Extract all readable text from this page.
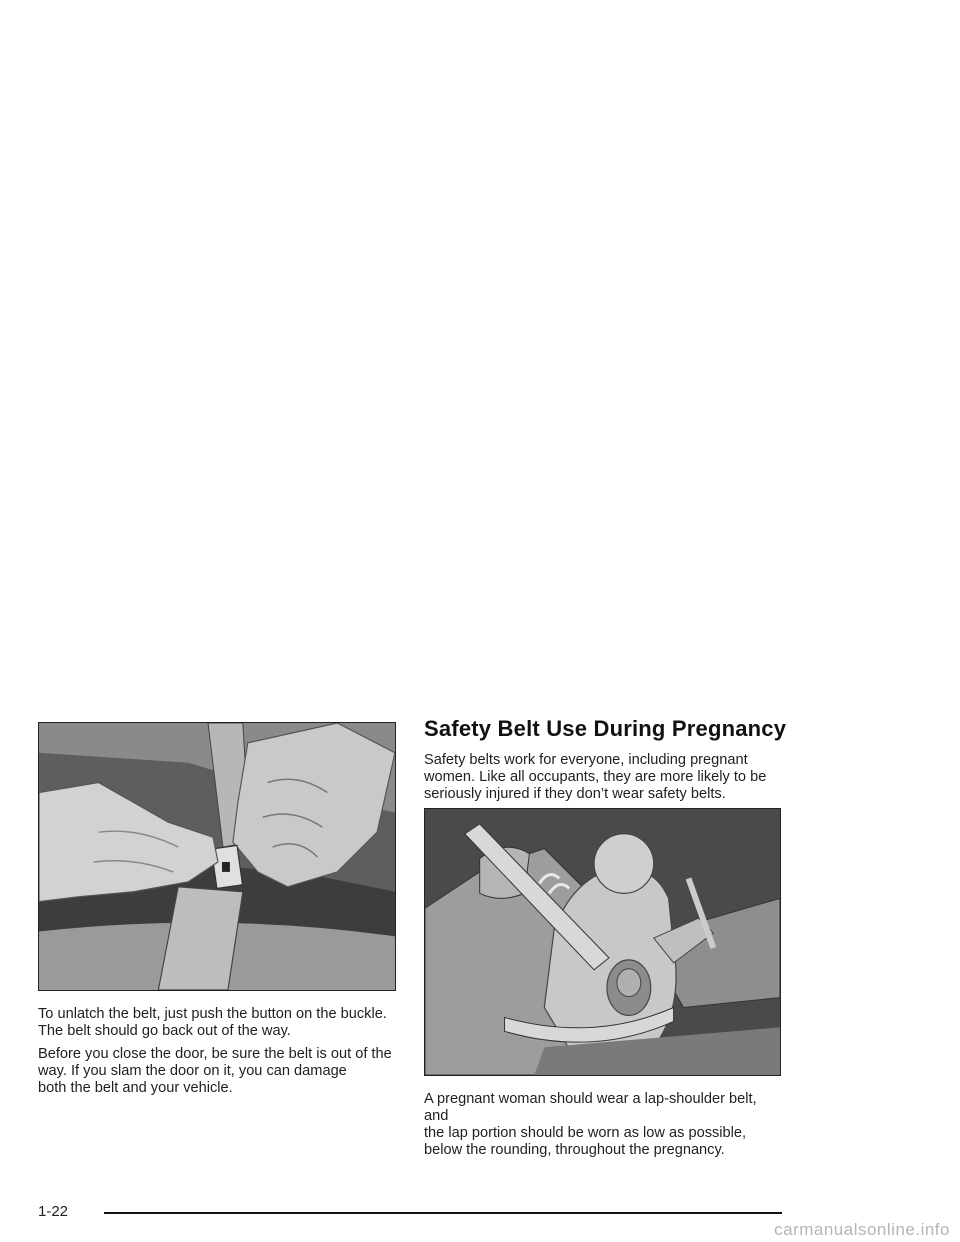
To unlatch the belt, just push the button on the buckle.
The belt should go back out of the way.

Before you close the door, be sure the belt is out of the
way. If you slam the door on it, you can damage
both the belt and your vehicle.

Safety Belt Use During Pregnancy

Safety belts work for everyone, including pregnant
women. Like all occupants, they are more likely to be
seriously injured if they don’t wear safety belts.

A pregnant woman should wear a lap-shoulder belt, and
the lap portion should be worn as low as possible,
below the rounding, throughout the pregnancy.

1-22
carmanualsonline.info
